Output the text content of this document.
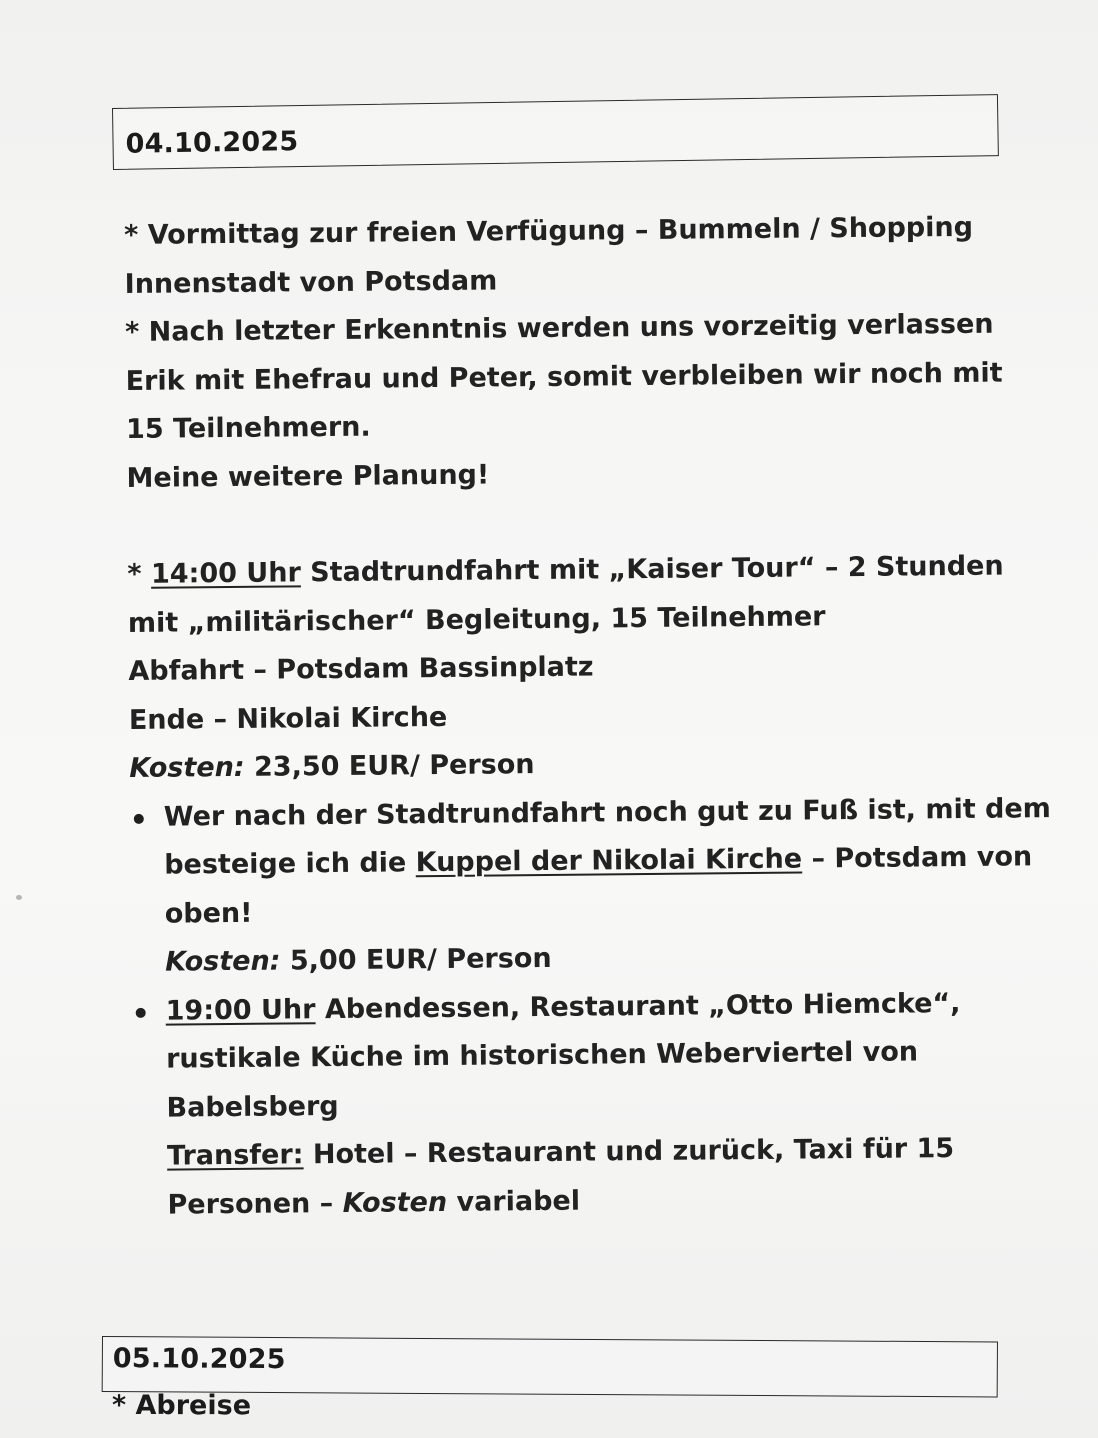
04.10.2025
* Vormittag zur freien Verfügung – Bummeln / Shopping
Innenstadt von Potsdam
* Nach letzter Erkenntnis werden uns vorzeitig verlassen
Erik mit Ehefrau und Peter, somit verbleiben wir noch mit
15 Teilnehmern.
Meine weitere Planung!
* 14:00 Uhr Stadtrundfahrt mit „Kaiser Tour“ – 2 Stunden
mit „militärischer“ Begleitung, 15 Teilnehmer
Abfahrt – Potsdam Bassinplatz
Ende – Nikolai Kirche
Kosten: 23,50 EUR/ Person
Wer nach der Stadtrundfahrt noch gut zu Fuß ist, mit dem
besteige ich die Kuppel der Nikolai Kirche – Potsdam von
oben!
Kosten: 5,00 EUR/ Person
19:00 Uhr Abendessen, Restaurant „Otto Hiemcke“,
rustikale Küche im historischen Weberviertel von
Babelsberg
Transfer: Hotel – Restaurant und zurück, Taxi für 15
Personen – Kosten variabel
05.10.2025
* Abreise
